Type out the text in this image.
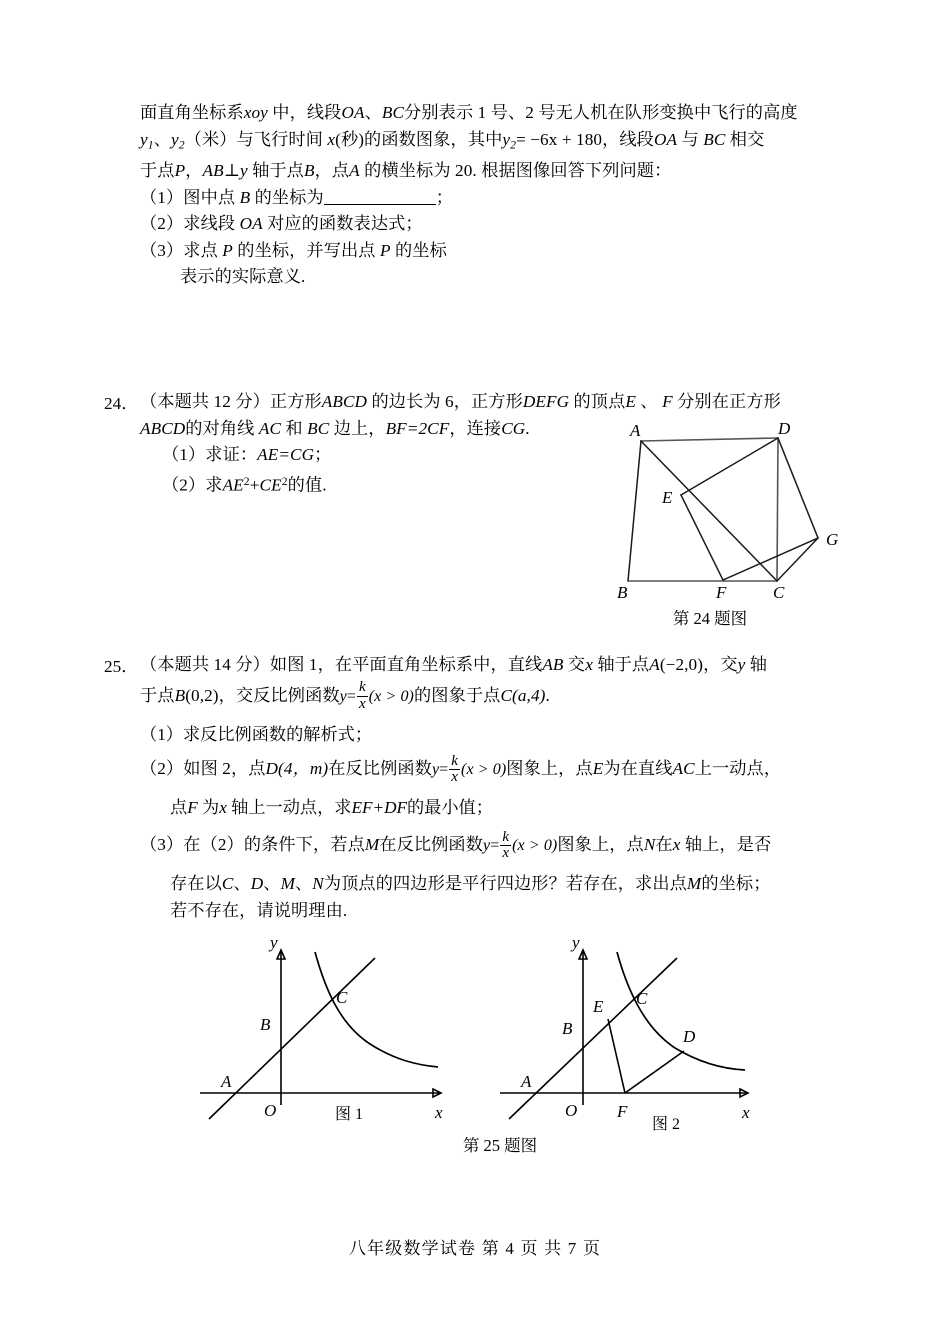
面直角坐标系xoy 中，线段OA、BC分别表示 1 号、2 号无人机在队形变换中飞行的高度
$y_1$、$y_2$（米）与飞行时间 x(秒)的函数图象，其中$y_2= -6x + 180$，线段OA 与 BC 相交
于点P，AB⊥y 轴于点B，点A 的横坐标为 20. 根据图像回答下列问题：
（1）图中点 B 的坐标为	；
（2）求线段 OA 对应的函数表达式；
（3）求点 P 的坐标，并写出点 P 的坐标
表示的实际意义.
24． （本题共 12 分）正方形ABCD 的边长为 6，正方形DEFG 的顶点E 、 F 分别在正方形
ABCD的对角线 AC 和 BC 边上，BF=2CF，连接CG.
（1）求证：AE=CG；
（2）求$AE^2+CE^2$的值.
A	D
E
G
B	F	C
第 24 题图
25． （本题共 14 分）如图 1，在平面直角坐标系中，直线AB 交x 轴于点A(−2,0)，交y 轴
于点B(0,2)，交反比例函数$y= \frac{k}{x} (x > 0)$的图象于点C(a,4).
（1）求反比例函数的解析式；
（2）如图 2，点D(4，m)在反比例函数$y= \frac{k}{x} (x > 0)$图象上，点E为在直线AC上一动点，
点F 为x 轴上一动点，求EF+DF的最小值；
（3）在（2）的条件下，若点M在反比例函数$y= \frac{k}{x} (x > 0)$图象上，点N在x 轴上，是否
存在以C、D、M、N为顶点的四边形是平行四边形？若存在，求出点M的坐标；
若不存在，请说明理由.
B
C
A
O	x
y
图 1
E C
B	D
A
O F	x
y
图 2
第 25 题图
八年级数学试卷 第 4 页 共 7 页
